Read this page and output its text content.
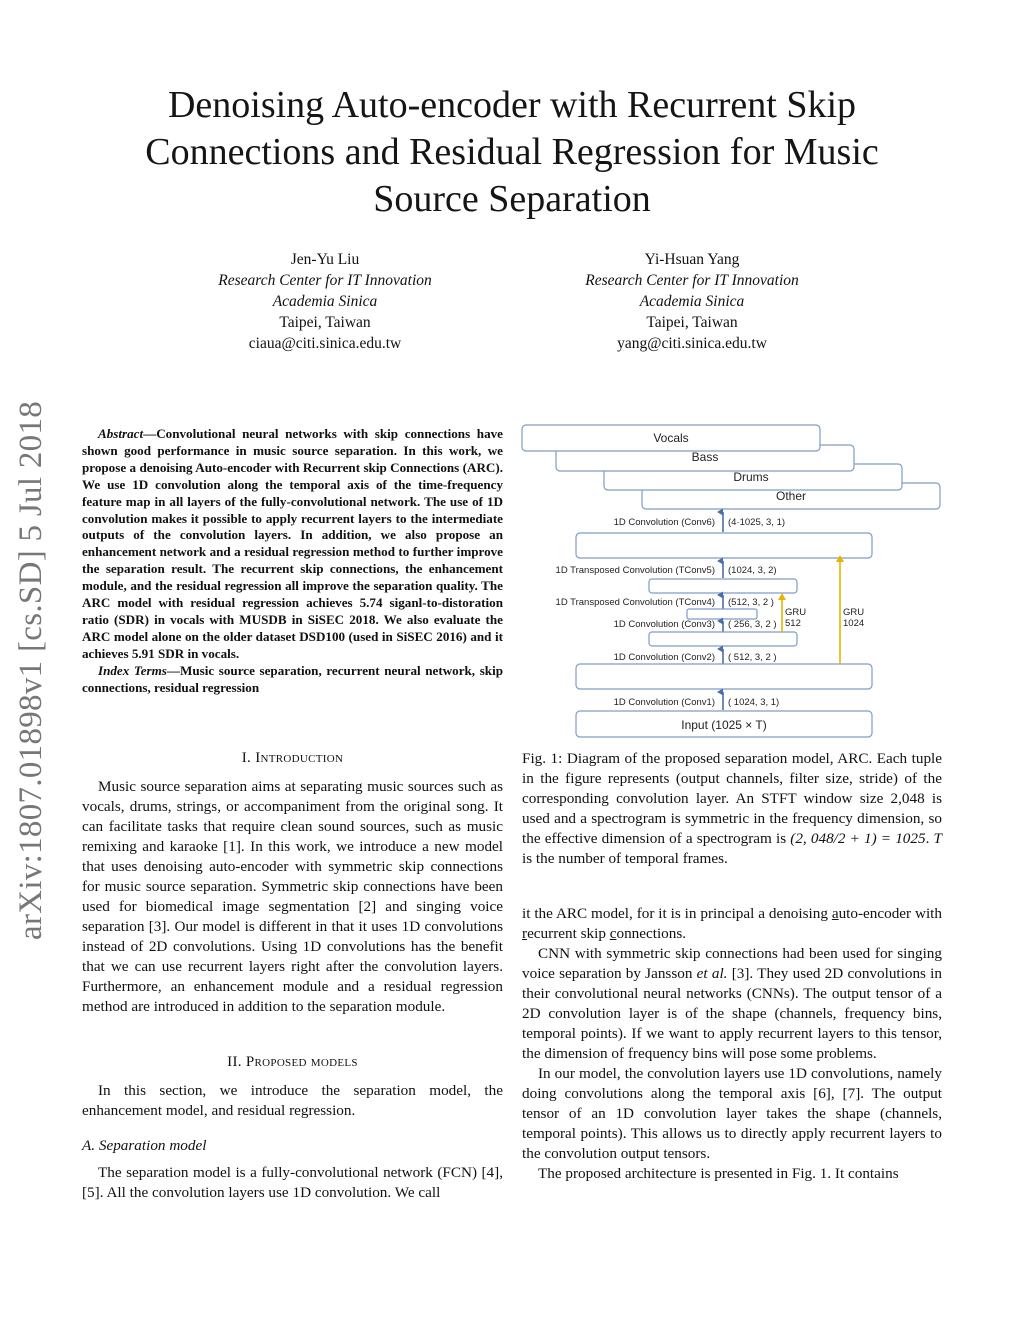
Denoising Auto-encoder with Recurrent Skip
Connections and Residual Regression for Music
Source Separation
Jen-Yu Liu
Research Center for IT Innovation
Academia Sinica
Taipei, Taiwan
ciaua@citi.sinica.edu.tw
Yi-Hsuan Yang
Research Center for IT Innovation
Academia Sinica
Taipei, Taiwan
yang@citi.sinica.edu.tw
arXiv:1807.01898v1 [cs.SD] 5 Jul 2018	Abstract—Convolutional neural networks with skip connections have shown good performance in music source separation. In this work, we propose a denoising Auto-encoder with Recurrent skip Connections (ARC). We use 1D convolution along the temporal axis of the time-frequency feature map in all layers of the fully-convolutional network. The use of 1D convolution makes it possible to apply recurrent layers to the intermediate outputs of the convolution layers. In addition, we also propose an enhancement network and a residual regression method to further improve the separation result. The recurrent skip connections, the enhancement module, and the residual regression all improve the separation quality. The ARC model with residual regression achieves 5.74 siganl-to-distoration ratio (SDR) in vocals with MUSDB in SiSEC 2018. We also evaluate the ARC model alone on the older dataset DSD100 (used in SiSEC 2016) and it achieves 5.91 SDR in vocals.
Index Terms—Music source separation, recurrent neural network, skip connections, residual regression
I. Introduction

Music source separation aims at separating music sources such as vocals, drums, strings, or accompaniment from the original song. It can facilitate tasks that require clean sound sources, such as music remixing and karaoke [1]. In this work, we introduce a new model that uses denoising auto-encoder with symmetric skip connections for music source separation. Symmetric skip connections have been used for biomedical image segmentation [2] and singing voice separation [3]. Our model is different in that it uses 1D convolutions instead of 2D convolutions. Using 1D convolutions has the benefit that we can use recurrent layers right after the convolution layers. Furthermore, an enhancement module and a residual regression method are introduced in addition to the separation module.

II. Proposed models

In this section, we introduce the separation model, the enhancement model, and residual regression.

A. Separation model

The separation model is a fully-convolutional network (FCN) [4], [5]. All the convolution layers use 1D convolution. We call

Vocals
Bass
Drums
Other
1D Convolution (Conv6) (4·1025, 3, 1)
1D Transposed Convolution (TConv5) (1024, 3, 2)
1D Transposed Convolution (TConv4) (512, 3, 2 )
1D Convolution (Conv3) ( 256, 3, 2 )
1D Convolution (Conv2) ( 512, 3, 2 )
1D Convolution (Conv1) ( 1024, 3, 1)
Input (1025 × T)
GRU
512
GRU
1024
Fig. 1: Diagram of the proposed separation model, ARC. Each tuple in the figure represents (output channels, filter size, stride) of the corresponding convolution layer. An STFT window size 2,048 is used and a spectrogram is symmetric in the frequency dimension, so the effective dimension of a spectrogram is (2, 048/2 + 1) = 1025. T is the number of temporal frames.

it the ARC model, for it is in principal a denoising auto-encoder with recurrent skip connections.

CNN with symmetric skip connections had been used for singing voice separation by Jansson et al. [3]. They used 2D convolutions in their convolutional neural networks (CNNs). The output tensor of a 2D convolution layer is of the shape (channels, frequency bins, temporal points). If we want to apply recurrent layers to this tensor, the dimension of frequency bins will pose some problems.

In our model, the convolution layers use 1D convolutions, namely doing convolutions along the temporal axis [6], [7]. The output tensor of an 1D convolution layer takes the shape (channels, temporal points). This allows us to directly apply recurrent layers to the convolution output tensors.

The proposed architecture is presented in Fig. 1. It contains
